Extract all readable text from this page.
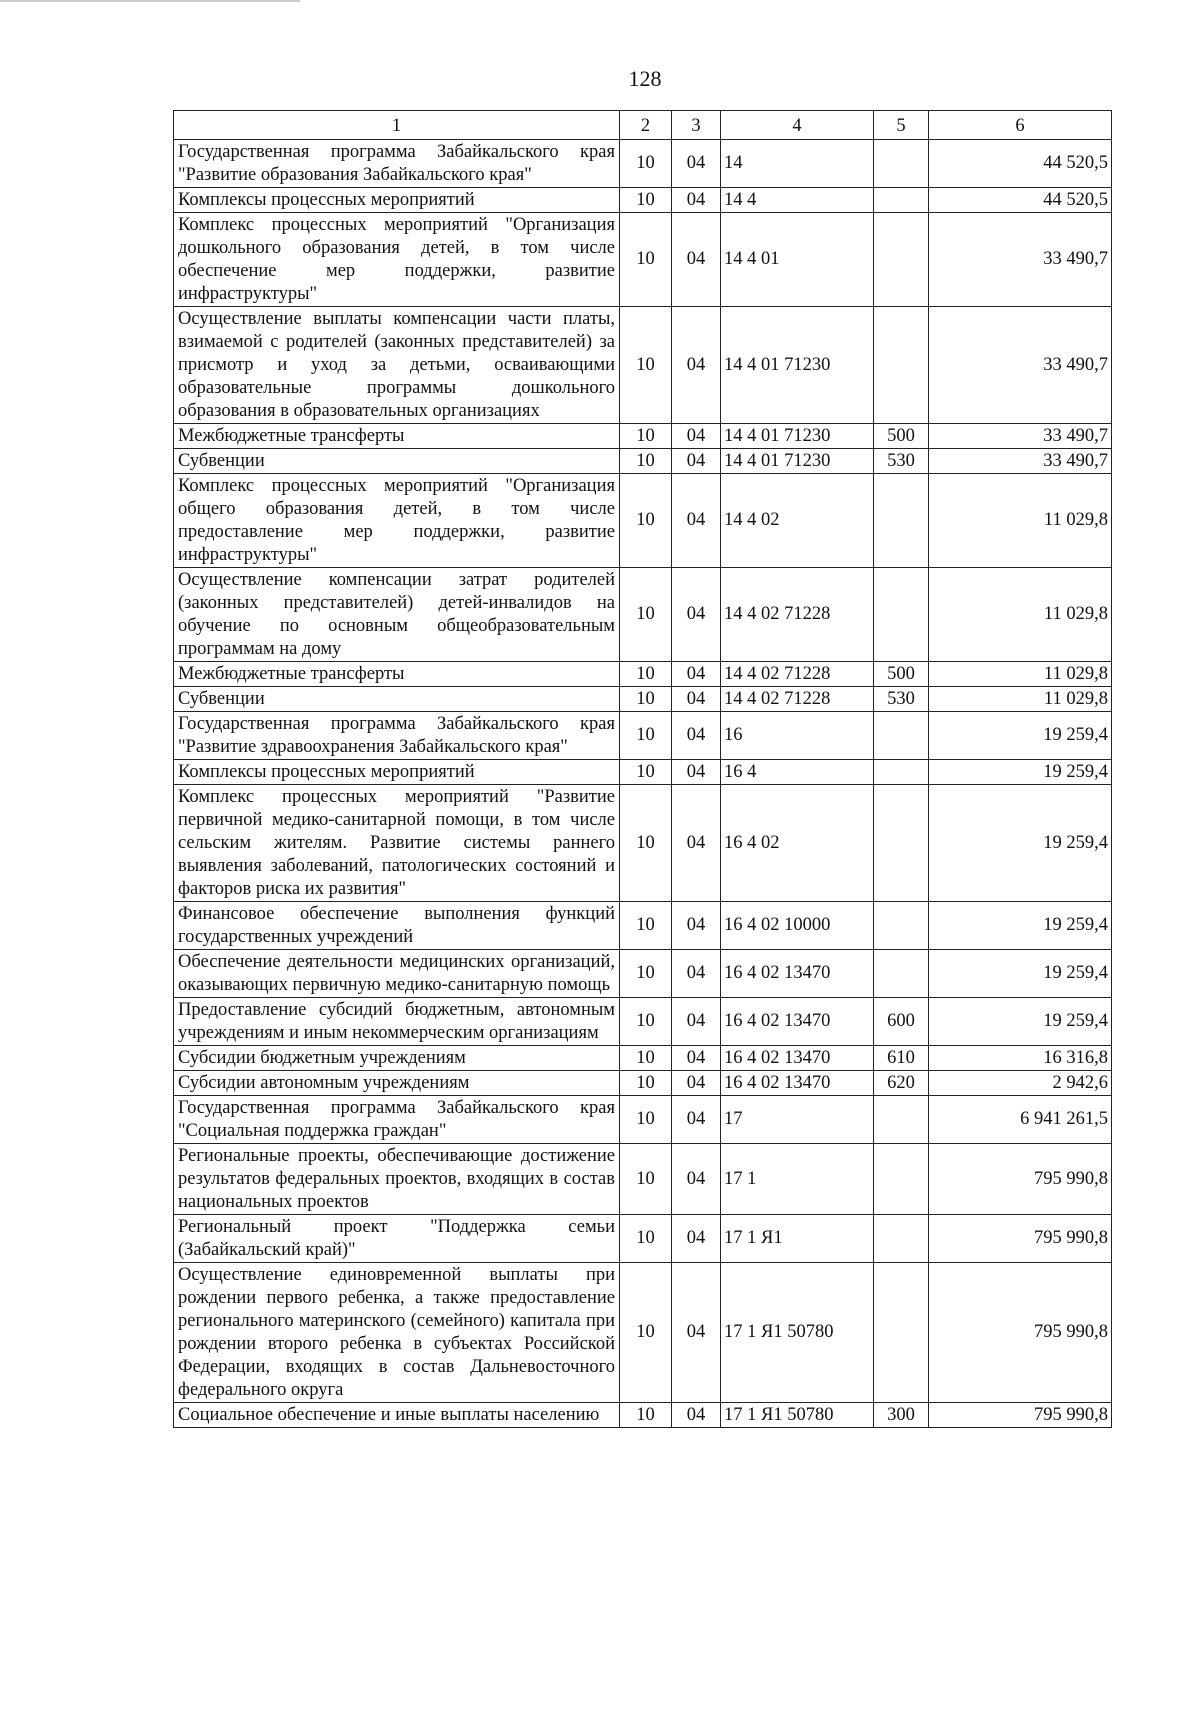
128
1	2	3	4	5	6
Государственная программа Забайкальского края "Развитие образования Забайкальского края"	10	04	14		44 520,5
Комплексы процессных мероприятий	10	04	14 4		44 520,5
Комплекс процессных мероприятий "Организация дошкольного образования детей, в том числе обеспечение мер поддержки, развитие инфраструктуры"	10	04	14 4 01		33 490,7
Осуществление выплаты компенсации части платы, взимаемой с родителей (законных представителей) за присмотр и уход за детьми, осваивающими образовательные программы дошкольного образования в образовательных организациях	10	04	14 4 01 71230		33 490,7
Межбюджетные трансферты	10	04	14 4 01 71230	500	33 490,7
Субвенции	10	04	14 4 01 71230	530	33 490,7
Комплекс процессных мероприятий "Организация общего образования детей, в том числе предоставление мер поддержки, развитие инфраструктуры"	10	04	14 4 02		11 029,8
Осуществление компенсации затрат родителей (законных представителей) детей-инвалидов на обучение по основным общеобразовательным программам на дому	10	04	14 4 02 71228		11 029,8
Межбюджетные трансферты	10	04	14 4 02 71228	500	11 029,8
Субвенции	10	04	14 4 02 71228	530	11 029,8
Государственная программа Забайкальского края "Развитие здравоохранения Забайкальского края"	10	04	16		19 259,4
Комплексы процессных мероприятий	10	04	16 4		19 259,4
Комплекс процессных мероприятий "Развитие первичной медико-санитарной помощи, в том числе сельским жителям. Развитие системы раннего выявления заболеваний, патологических состояний и факторов риска их развития"	10	04	16 4 02		19 259,4
Финансовое обеспечение выполнения функций государственных учреждений	10	04	16 4 02 10000		19 259,4
Обеспечение деятельности медицинских организаций, оказывающих первичную медико-санитарную помощь	10	04	16 4 02 13470		19 259,4
Предоставление субсидий бюджетным, автономным учреждениям и иным некоммерческим организациям	10	04	16 4 02 13470	600	19 259,4
Субсидии бюджетным учреждениям	10	04	16 4 02 13470	610	16 316,8
Субсидии автономным учреждениям	10	04	16 4 02 13470	620	2 942,6
Государственная программа Забайкальского края "Социальная поддержка граждан"	10	04	17		6 941 261,5
Региональные проекты, обеспечивающие достижение результатов федеральных проектов, входящих в состав национальных проектов	10	04	17 1		795 990,8
Региональный проект "Поддержка семьи (Забайкальский край)"	10	04	17 1 Я1		795 990,8
Осуществление единовременной выплаты при рождении первого ребенка, а также предоставление регионального материнского (семейного) капитала при рождении второго ребенка в субъектах Российской Федерации, входящих в состав Дальневосточного федерального округа	10	04	17 1 Я1 50780		795 990,8
Социальное обеспечение и иные выплаты населению	10	04	17 1 Я1 50780	300	795 990,8
